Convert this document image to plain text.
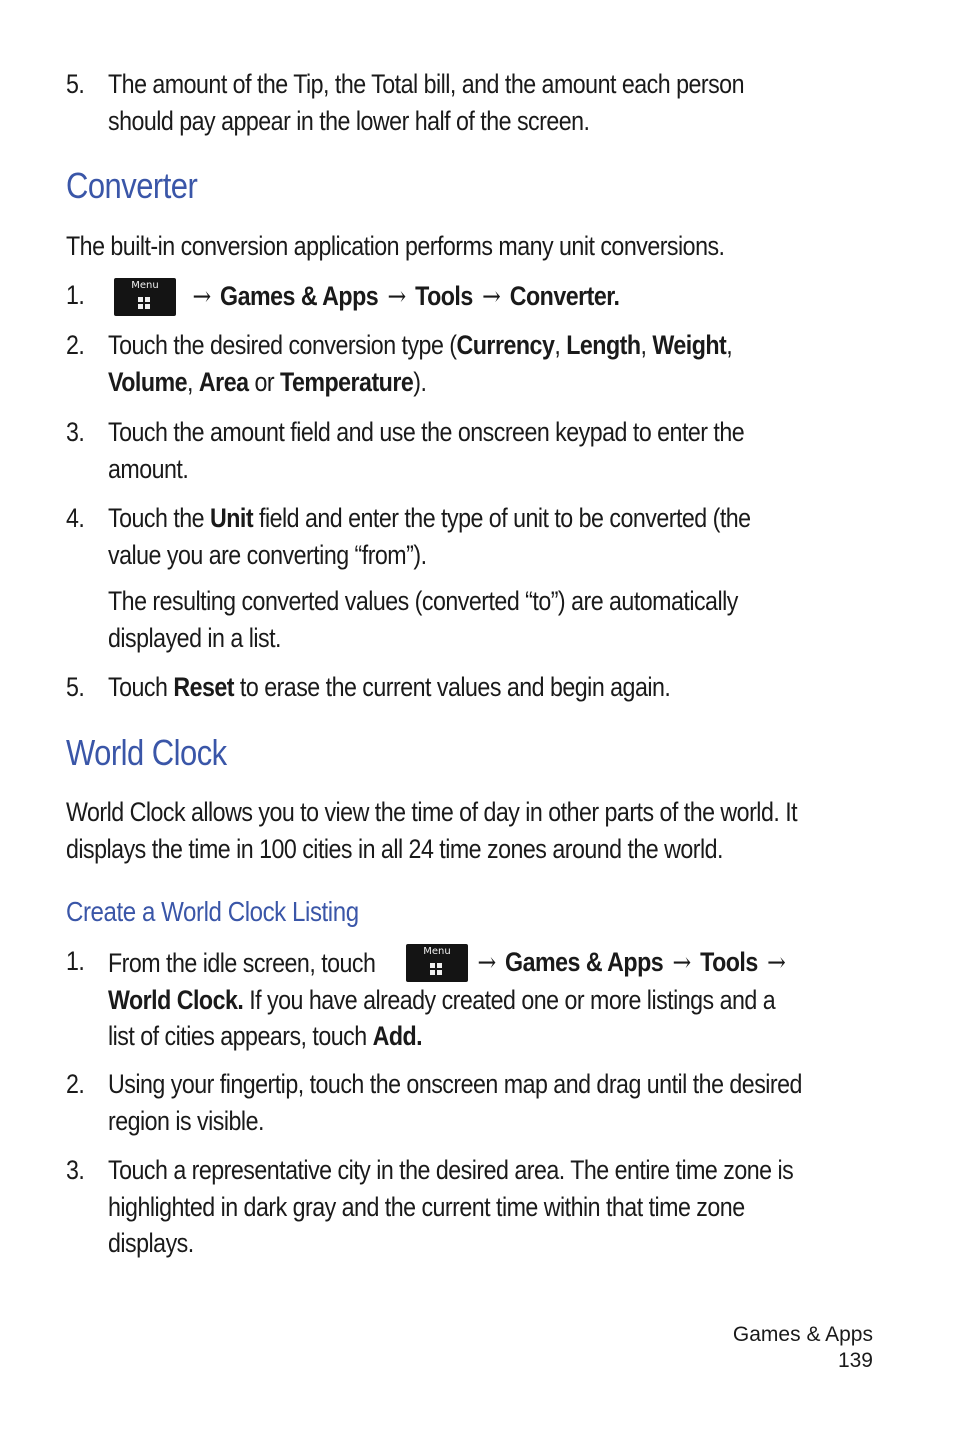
5. The amount of the Tip, the Total bill, and the amount each person
should pay appear in the lower half of the screen.
Converter
The built-in conversion application performs many unit conversions.
1.	Menu	→ Games & Apps → Tools → Converter.
2. Touch the desired conversion type (Currency, Length, Weight,
Volume, Area or Temperature).
3. Touch the amount field and use the onscreen keypad to enter the
amount.
4. Touch the Unit field and enter the type of unit to be converted (the
value you are converting “from”).
The resulting converted values (converted “to”) are automatically
displayed in a list.
5. Touch Reset to erase the current values and begin again.
World Clock
World Clock allows you to view the time of day in other parts of the world. It
displays the time in 100 cities in all 24 time zones around the world.
Create a World Clock Listing
1. From the idle screen, touch	Menu	→ Games & Apps → Tools →
World Clock. If you have already created one or more listings and a
list of cities appears, touch Add.
2. Using your fingertip, touch the onscreen map and drag until the desired
region is visible.
3. Touch a representative city in the desired area. The entire time zone is
highlighted in dark gray and the current time within that time zone
displays.
Games & Apps
139
